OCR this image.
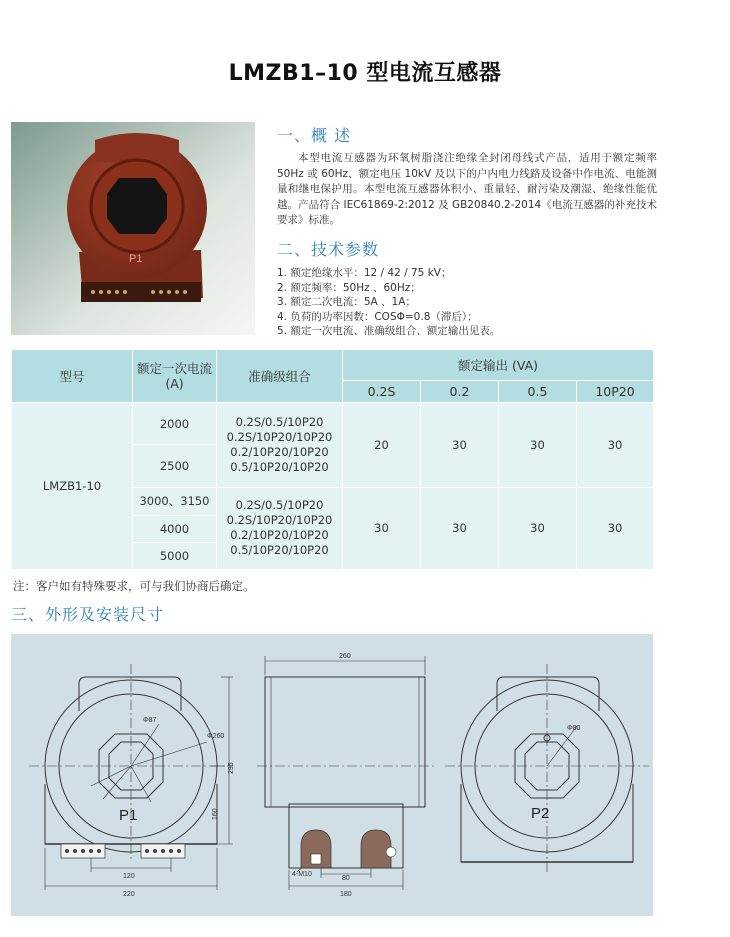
LMZB1–10 型电流互感器
P1
一、概 述
本型电流互感器为环氧树脂浇注绝缘全封闭母线式产品，适用于额定频率 50Hz 或 60Hz、额定电压 10kV 及以下的户内电力线路及设备中作电流、电能测量和继电保护用。本型电流互感器体积小、重量轻、耐污染及潮湿、绝缘性能优越。产品符合 IEC61869-2:2012 及 GB20840.2-2014《电流互感器的补充技术要求》标准。
二、技术参数
1. 额定绝缘水平：12 / 42 / 75 kV；
2. 额定频率：50Hz 、60Hz；
3. 额定二次电流：5A 、1A；
4. 负荷的功率因数：COSΦ=0.8（滞后）；
5. 额定一次电流、准确级组合、额定输出见表。
型号	额定一次电流
(A)	准确级组合	额定输出 (VA)			
			0.2S	0.2	0.5	10P20
LMZB1-10	2000	0.2S/0.5/10P20
0.2S/10P20/10P20
0.2/10P20/10P20
0.5/10P20/10P20	20	30	30	30
	2500					
	3000、3150	0.2S/0.5/10P20
0.2S/10P20/10P20
0.2/10P20/10P20
0.5/10P20/10P20	30	30	30	30
	4000					
	5000					
注：客户如有特殊要求，可与我们协商后确定。
三、外形及安装尺寸
P1
Φ87
Φ260
295
160
120
220
260
80
180
4-M10
P2
Φ80
